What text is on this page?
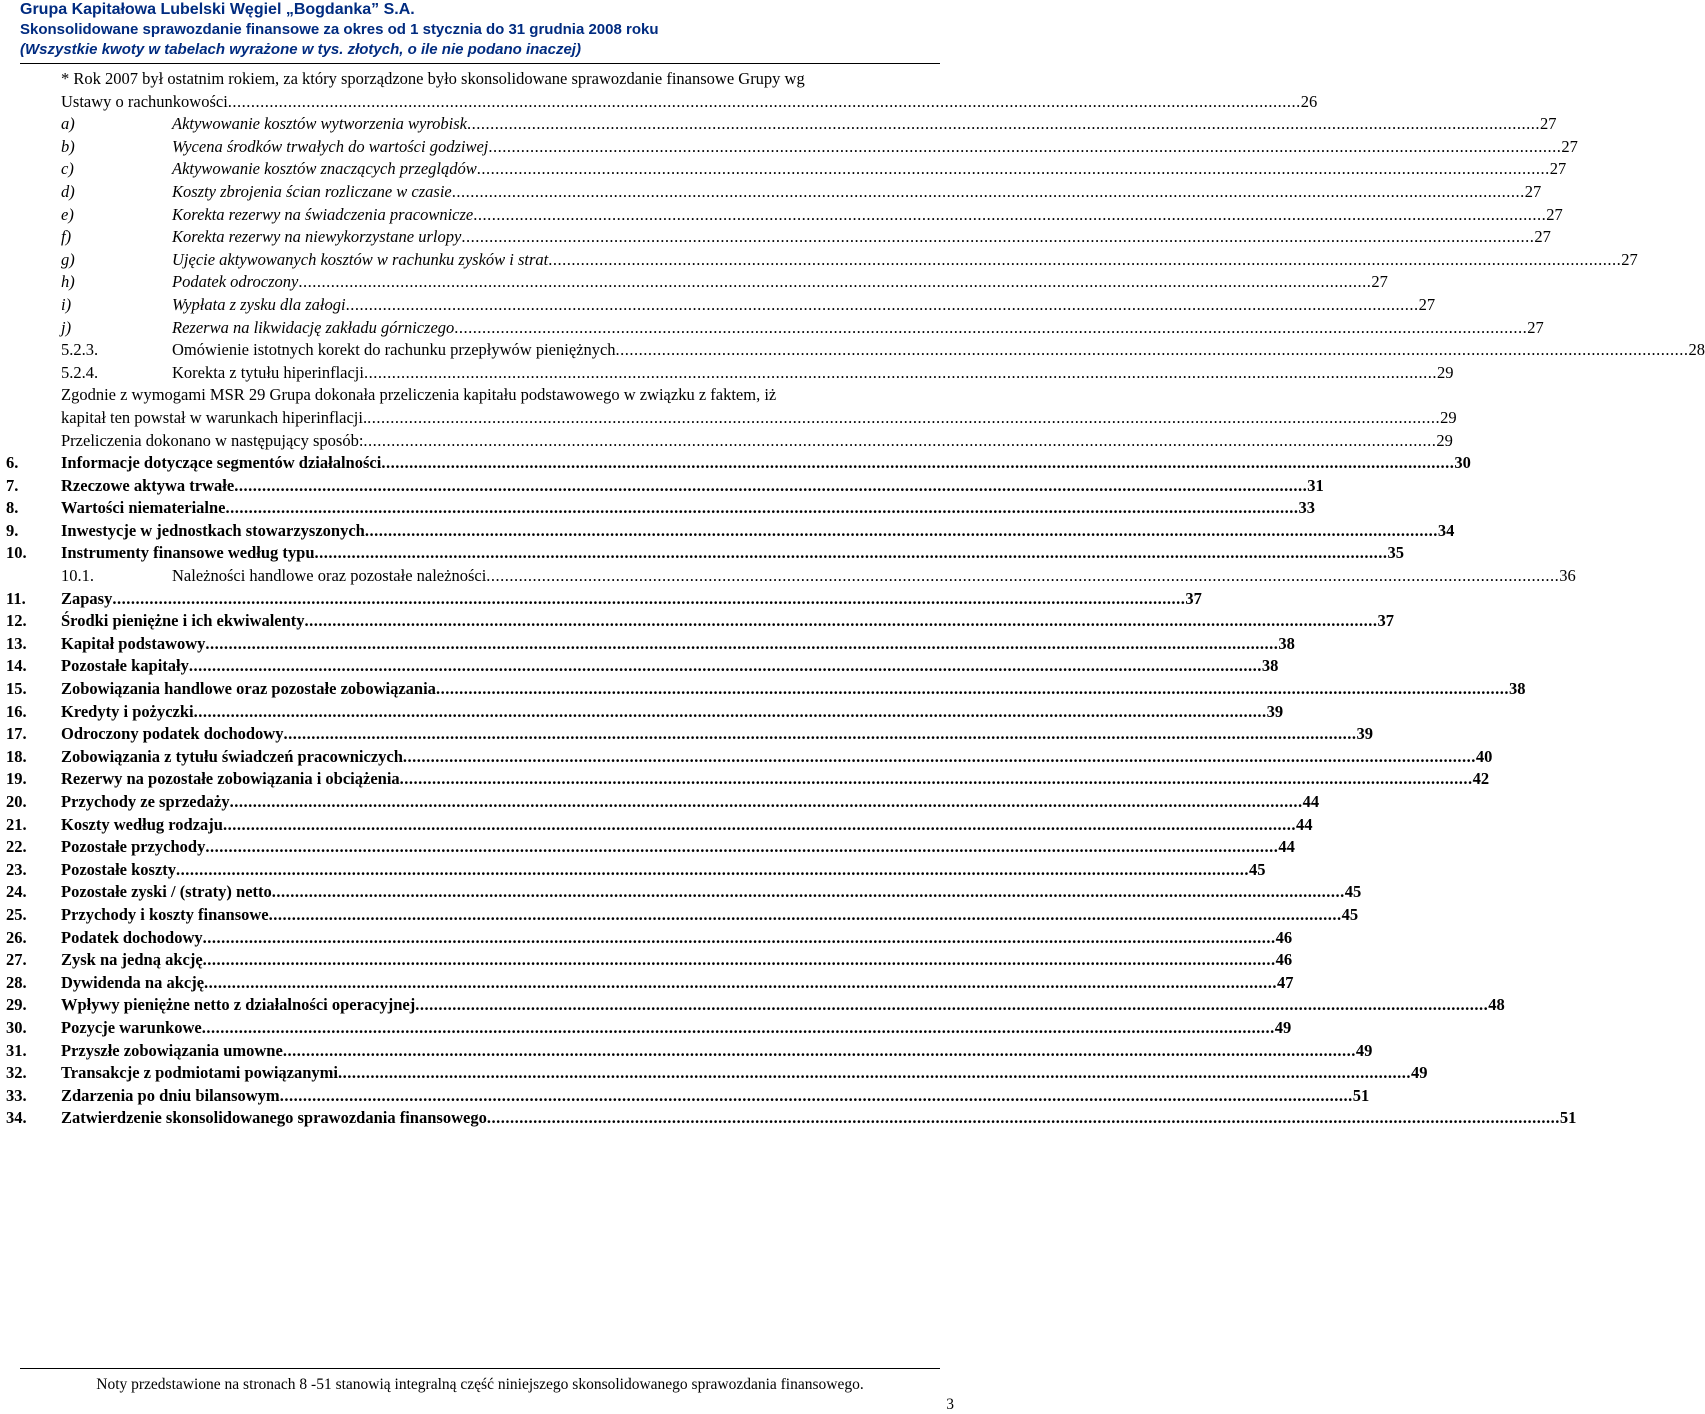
Grupa Kapitałowa Lubelski Węgiel „Bogdanka” S.A.
Skonsolidowane sprawozdanie finansowe za okres od 1 stycznia do 31 grudnia 2008 roku
(Wszystkie kwoty w tabelach wyrażone w tys. złotych, o ile nie podano inaczej)
* Rok 2007 był ostatnim rokiem, za który sporządzone było skonsolidowane sprawozdanie finansowe Grupy wg
Ustawy o rachunkowości ........................................................................................................................................................................................................................................ 26
a)	Aktywowanie kosztów wytworzenia wyrobisk ........................................................................................................................................................................................................................................ 27
b)	Wycena środków trwałych do wartości godziwej ........................................................................................................................................................................................................................................ 27
c)	Aktywowanie kosztów znaczących przeglądów ........................................................................................................................................................................................................................................ 27
d)	Koszty zbrojenia ścian rozliczane w czasie ........................................................................................................................................................................................................................................ 27
e)	Korekta rezerwy na świadczenia pracownicze ........................................................................................................................................................................................................................................ 27
f)	Korekta rezerwy na niewykorzystane urlopy ........................................................................................................................................................................................................................................ 27
g)	Ujęcie aktywowanych kosztów w rachunku zysków i strat ........................................................................................................................................................................................................................................ 27
h)	Podatek odroczony ........................................................................................................................................................................................................................................ 27
i)	Wypłata z zysku dla załogi ........................................................................................................................................................................................................................................ 27
j)	Rezerwa na likwidację zakładu górniczego ........................................................................................................................................................................................................................................ 27
5.2.3.	Omówienie istotnych korekt do rachunku przepływów pieniężnych ........................................................................................................................................................................................................................................ 28
5.2.4.	Korekta z tytułu hiperinflacji ........................................................................................................................................................................................................................................ 29
Zgodnie z wymogami MSR 29 Grupa dokonała przeliczenia kapitału podstawowego w związku z faktem, iż
kapitał ten powstał w warunkach hiperinflacji. ........................................................................................................................................................................................................................................ 29
Przeliczenia dokonano w następujący sposób: ........................................................................................................................................................................................................................................ 29
6.	Informacje dotyczące segmentów działalności ........................................................................................................................................................................................................................................ 30
7.	Rzeczowe aktywa trwałe ........................................................................................................................................................................................................................................ 31
8.	Wartości niematerialne ........................................................................................................................................................................................................................................ 33
9.	Inwestycje w jednostkach stowarzyszonych ........................................................................................................................................................................................................................................ 34
10. Instrumenty finansowe według typu ........................................................................................................................................................................................................................................ 35
10.1.	Należności handlowe oraz pozostałe należności ........................................................................................................................................................................................................................................ 36
11. Zapasy ........................................................................................................................................................................................................................................ 37
12. Środki pieniężne i ich ekwiwalenty ........................................................................................................................................................................................................................................ 37
13. Kapitał podstawowy ........................................................................................................................................................................................................................................ 38
14. Pozostałe kapitały ........................................................................................................................................................................................................................................ 38
15. Zobowiązania handlowe oraz pozostałe zobowiązania ........................................................................................................................................................................................................................................ 38
16. Kredyty i pożyczki ........................................................................................................................................................................................................................................ 39
17. Odroczony podatek dochodowy ........................................................................................................................................................................................................................................ 39
18. Zobowiązania z tytułu świadczeń pracowniczych ........................................................................................................................................................................................................................................ 40
19. Rezerwy na pozostałe zobowiązania i obciążenia ........................................................................................................................................................................................................................................ 42
20. Przychody ze sprzedaży ........................................................................................................................................................................................................................................ 44
21. Koszty według rodzaju ........................................................................................................................................................................................................................................ 44
22. Pozostałe przychody ........................................................................................................................................................................................................................................ 44
23. Pozostałe koszty ........................................................................................................................................................................................................................................ 45
24. Pozostałe zyski / (straty) netto ........................................................................................................................................................................................................................................ 45
25. Przychody i koszty finansowe ........................................................................................................................................................................................................................................ 45
26. Podatek dochodowy ........................................................................................................................................................................................................................................ 46
27. Zysk na jedną akcję ........................................................................................................................................................................................................................................ 46
28. Dywidenda na akcję ........................................................................................................................................................................................................................................ 47
29. Wpływy pieniężne netto z działalności operacyjnej ........................................................................................................................................................................................................................................ 48
30. Pozycje warunkowe ........................................................................................................................................................................................................................................ 49
31. Przyszłe zobowiązania umowne ........................................................................................................................................................................................................................................ 49
32. Transakcje z podmiotami powiązanymi ........................................................................................................................................................................................................................................ 49
33. Zdarzenia po dniu bilansowym ........................................................................................................................................................................................................................................ 51
34. Zatwierdzenie skonsolidowanego sprawozdania finansowego ........................................................................................................................................................................................................................................ 51
Noty przedstawione na stronach 8 -51 stanowią integralną część niniejszego skonsolidowanego sprawozdania finansowego.
3
